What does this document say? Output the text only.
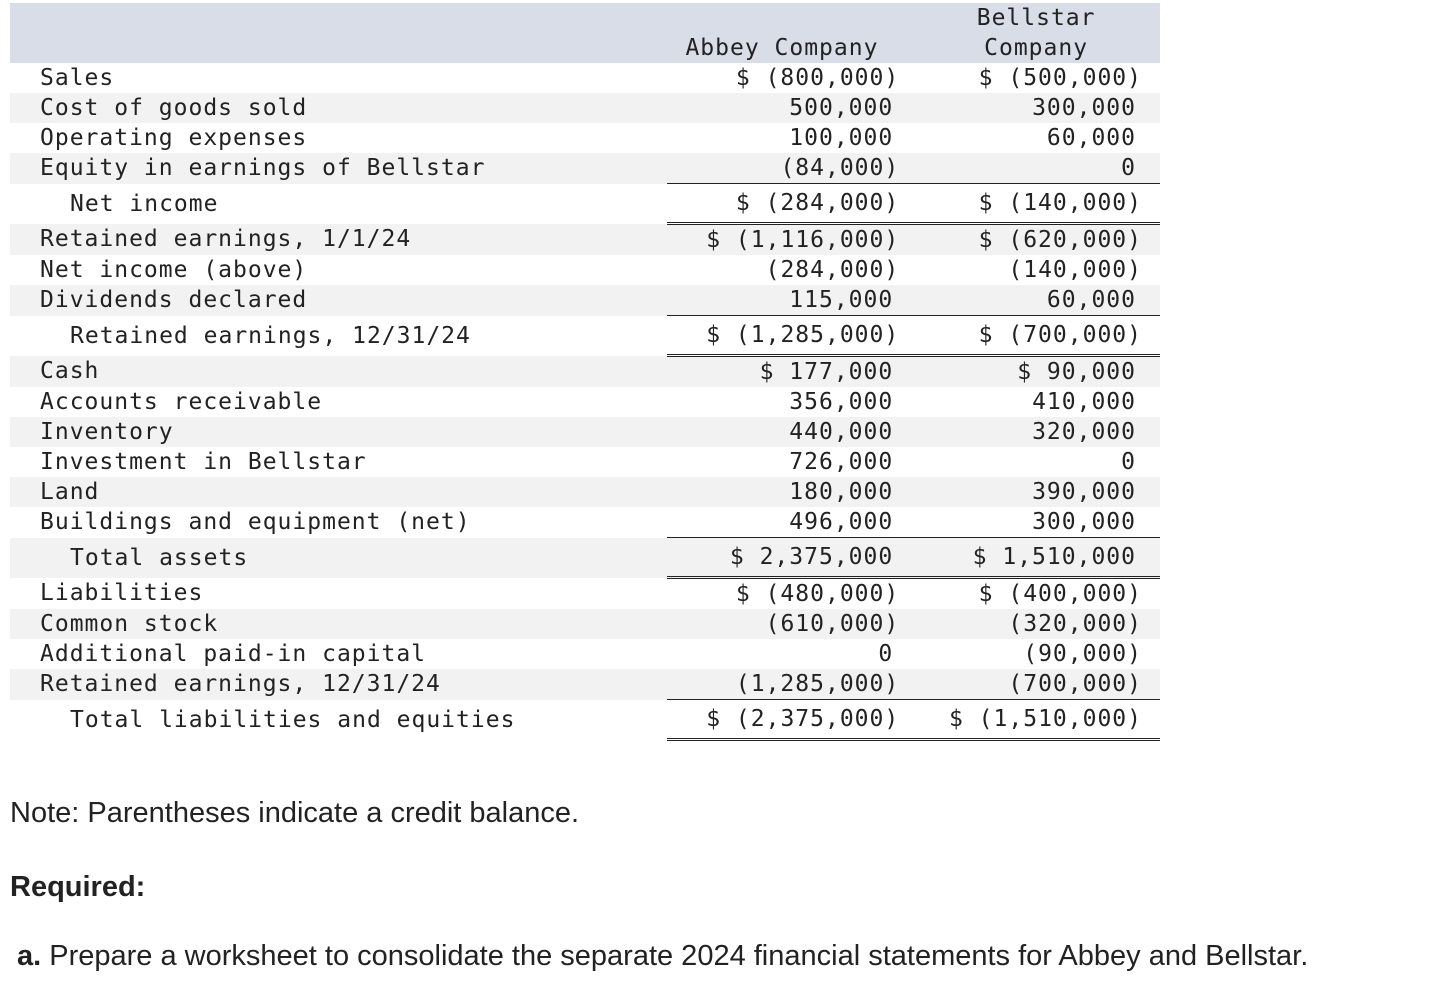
	Abbey Company	Bellstar
Company
Sales	$ (800,000)	$ (500,000)
Cost of goods sold	500,000	300,000
Operating expenses	100,000	60,000
Equity in earnings of Bellstar	(84,000)	0
Net income	$ (284,000)	$ (140,000)
Retained earnings, 1/1/24	$ (1,116,000)	$ (620,000)
Net income (above)	(284,000)	(140,000)
Dividends declared	115,000	60,000
Retained earnings, 12/31/24	$ (1,285,000)	$ (700,000)
Cash	$ 177,000	$ 90,000
Accounts receivable	356,000	410,000
Inventory	440,000	320,000
Investment in Bellstar	726,000	0
Land	180,000	390,000
Buildings and equipment (net)	496,000	300,000
Total assets	$ 2,375,000	$ 1,510,000
Liabilities	$ (480,000)	$ (400,000)
Common stock	(610,000)	(320,000)
Additional paid-in capital	0	(90,000)
Retained earnings, 12/31/24	(1,285,000)	(700,000)
Total liabilities and equities	$ (2,375,000)	$ (1,510,000)
Note: Parentheses indicate a credit balance.
Required:
a. Prepare a worksheet to consolidate the separate 2024 financial statements for Abbey and Bellstar.
